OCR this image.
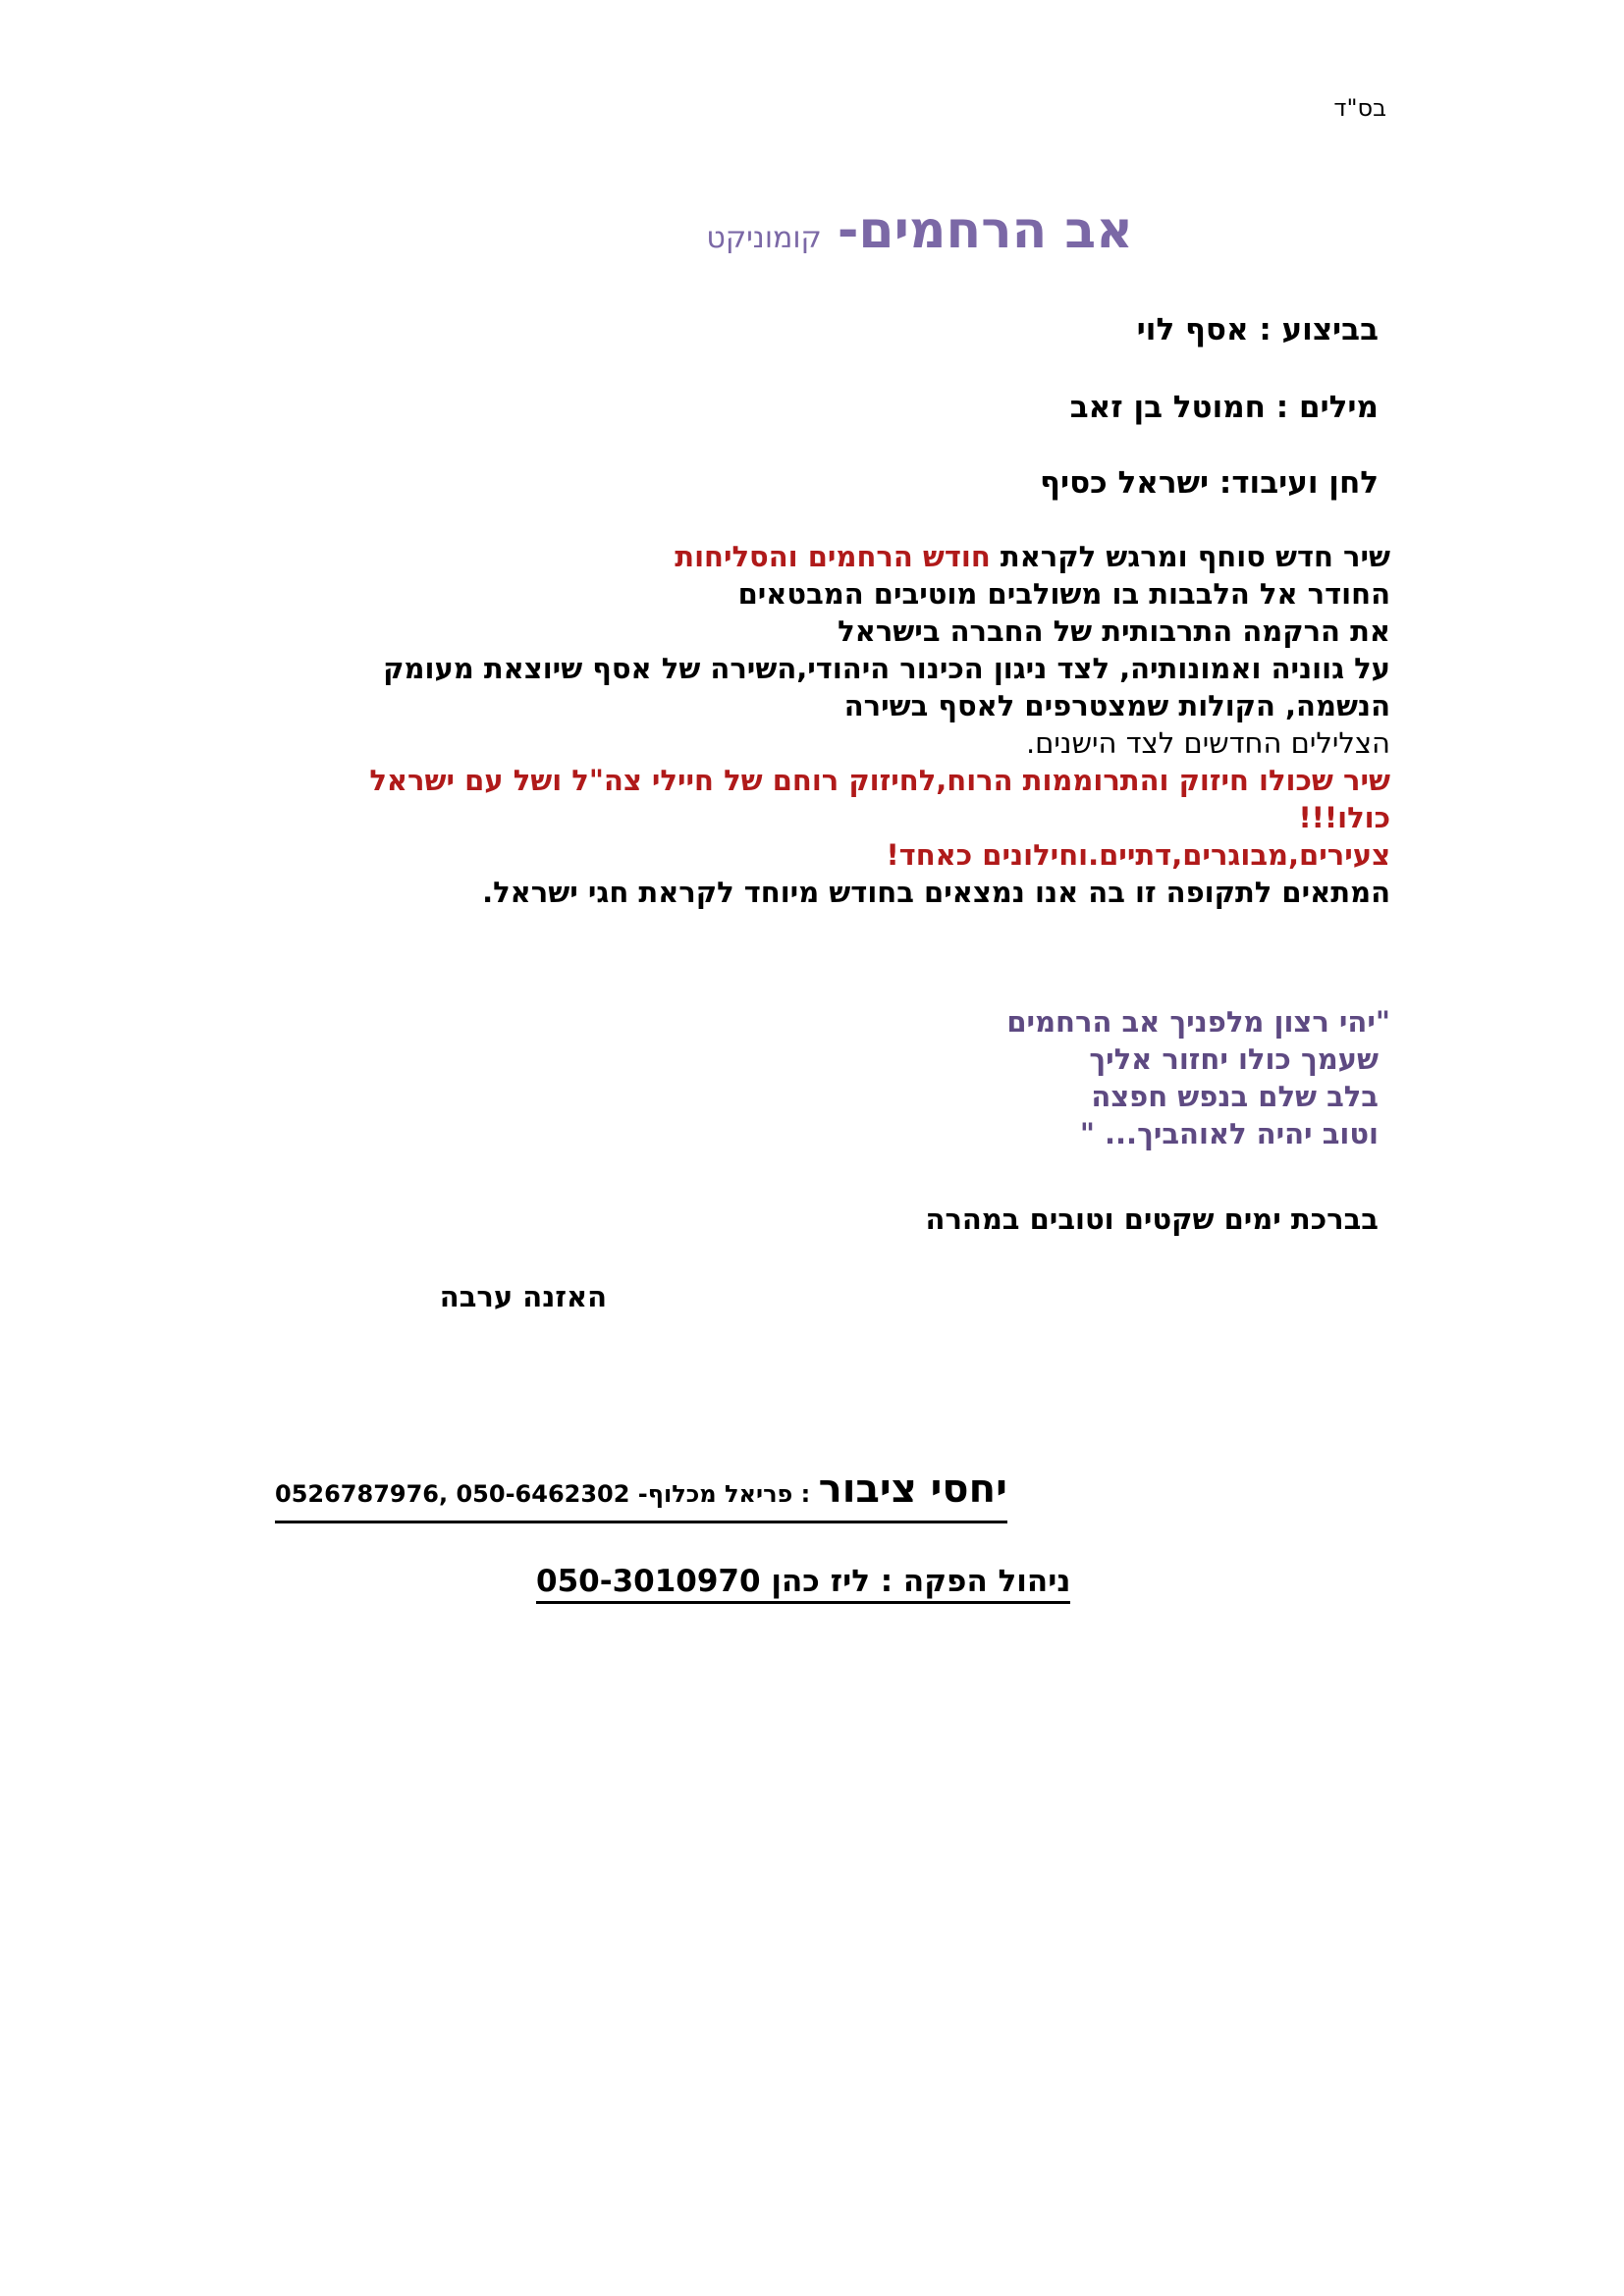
בס"ד
אב הרחמים-קומוניקט
בביצוע : אסף לוי
מילים : חמוטל בן זאב
לחן ועיבוד: ישראל כסיף
שיר חדש סוחף ומרגש לקראת חודש הרחמים והסליחות
החודר אל הלבבות בו משולבים מוטיבים המבטאים
את הרקמה התרבותית של החברה בישראל
על גווניה ואמונותיה, לצד ניגון הכינור היהודי,השירה של אסף שיוצאת מעומק
הנשמה, הקולות שמצטרפים לאסף בשירה
הצלילים החדשים לצד הישנים.
שיר שכולו חיזוק והתרוממות הרוח,לחיזוק רוחם של חיילי צה"ל ושל עם ישראל
כולו!!!
צעירים,מבוגרים,דתיים.וחילונים כאחד!
המתאים לתקופה זו בה אנו נמצאים בחודש מיוחד לקראת חגי ישראל.
"יהי רצון מלפניך אב הרחמים
שעמך כולו יחזור אליך
בלב שלם בנפש חפצה
וטוב יהיה לאוהביך... "
בברכת ימים שקטים וטובים במהרה
האזנה ערבה
יחסי ציבור : פריאל מכלוף- 050-6462302 ,0526787976
ניהול הפקה : ליז כהן 050-3010970
